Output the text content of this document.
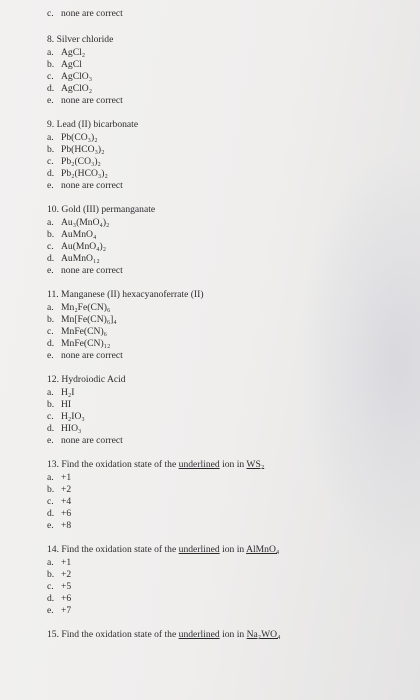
c. none are correct
8. Silver chloride
a. AgCl₂
b. AgCl
c. AgClO₃
d. AgClO₂
e. none are correct
9. Lead (II) bicarbonate
a. Pb(CO₃)₂
b. Pb(HCO₃)₂
c. Pb₂(CO₃)₂
d. Pb₂(HCO₃)₂
e. none are correct
10. Gold (III) permanganate
a. Au₃(MnO₄)₂
b. AuMnO₄
c. Au(MnO₄)₂
d. AuMnO₁₂
e. none are correct
11. Manganese (II) hexacyanoferrate (II)
a. Mn₂Fe(CN)₆
b. Mn[Fe(CN)₆]₄
c. MnFe(CN)₆
d. MnFe(CN)₁₂
e. none are correct
12. Hydroiodic Acid
a. H₂I
b. HI
c. H₂IO₃
d. HIO₃
e. none are correct
13. Find the oxidation state of the underlined ion in WS₂
a. +1
b. +2
c. +4
d. +6
e. +8
14. Find the oxidation state of the underlined ion in AlMnO₄
a. +1
b. +2
c. +5
d. +6
e. +7
15. Find the oxidation state of the underlined ion in Na₂WO₄
